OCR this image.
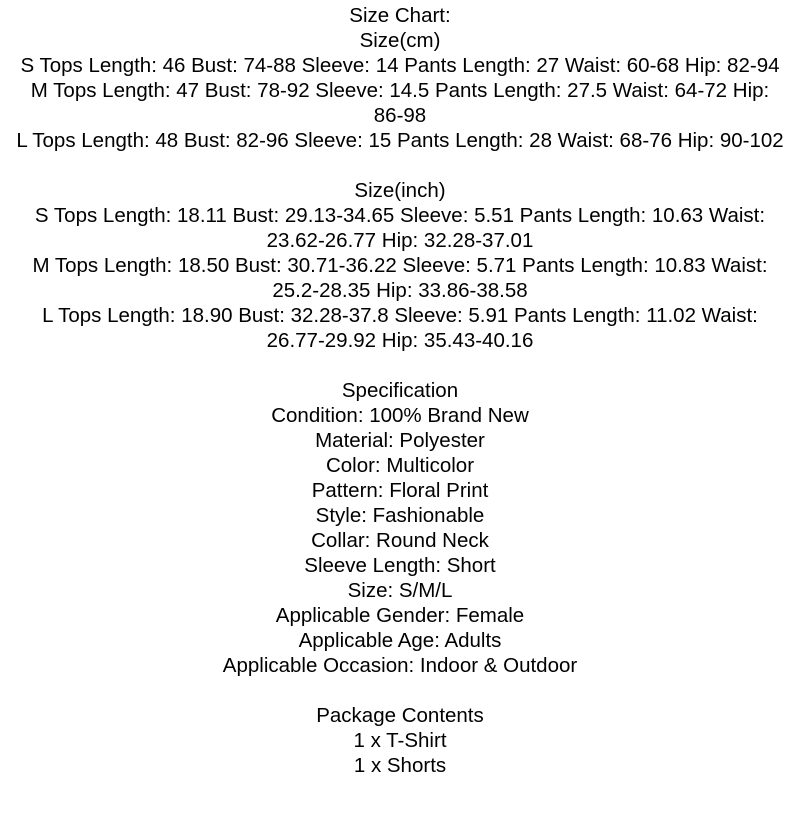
Size Chart:
Size(cm)
S Tops Length: 46 Bust: 74-88 Sleeve: 14 Pants Length: 27 Waist: 60-68 Hip: 82-94
M Tops Length: 47 Bust: 78-92 Sleeve: 14.5 Pants Length: 27.5 Waist: 64-72 Hip: 86-98
L Tops Length: 48 Bust: 82-96 Sleeve: 15 Pants Length: 28 Waist: 68-76 Hip: 90-102
Size(inch)
S Tops Length: 18.11 Bust: 29.13-34.65 Sleeve: 5.51 Pants Length: 10.63 Waist: 23.62-26.77 Hip: 32.28-37.01
M Tops Length: 18.50 Bust: 30.71-36.22 Sleeve: 5.71 Pants Length: 10.83 Waist: 25.2-28.35 Hip: 33.86-38.58
L Tops Length: 18.90 Bust: 32.28-37.8 Sleeve: 5.91 Pants Length: 11.02 Waist: 26.77-29.92 Hip: 35.43-40.16
Specification
Condition: 100% Brand New
Material: Polyester
Color: Multicolor
Pattern: Floral Print
Style: Fashionable
Collar: Round Neck
Sleeve Length: Short
Size: S/M/L
Applicable Gender: Female
Applicable Age: Adults
Applicable Occasion: Indoor & Outdoor
Package Contents
1 x T-Shirt
1 x Shorts
